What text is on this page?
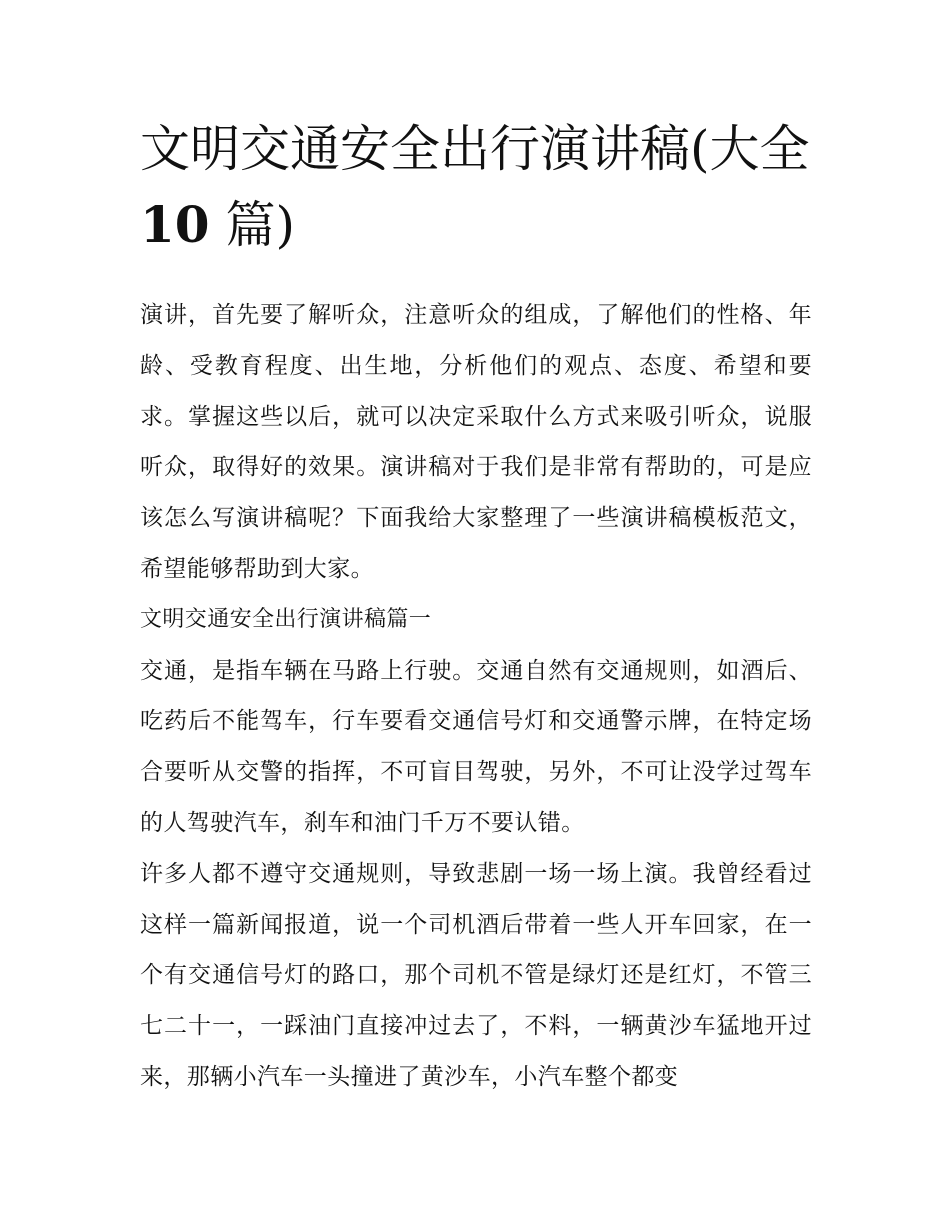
文明交通安全出行演讲稿(大全
10 篇)

演讲，首先要了解听众，注意听众的组成，了解他们的性格、年龄、受教育程度、出生地，分析他们的观点、态度、希望和要求。掌握这些以后，就可以决定采取什么方式来吸引听众，说服听众，取得好的效果。演讲稿对于我们是非常有帮助的，可是应该怎么写演讲稿呢？下面我给大家整理了一些演讲稿模板范文，希望能够帮助到大家。

文明交通安全出行演讲稿篇一

交通，是指车辆在马路上行驶。交通自然有交通规则，如酒后、吃药后不能驾车，行车要看交通信号灯和交通警示牌，在特定场合要听从交警的指挥，不可盲目驾驶，另外，不可让没学过驾车的人驾驶汽车，刹车和油门千万不要认错。

许多人都不遵守交通规则，导致悲剧一场一场上演。我曾经看过这样一篇新闻报道，说一个司机酒后带着一些人开车回家，在一个有交通信号灯的路口，那个司机不管是绿灯还是红灯，不管三七二十一，一踩油门直接冲过去了，不料，一辆黄沙车猛地开过来，那辆小汽车一头撞进了黄沙车，小汽车整个都变
